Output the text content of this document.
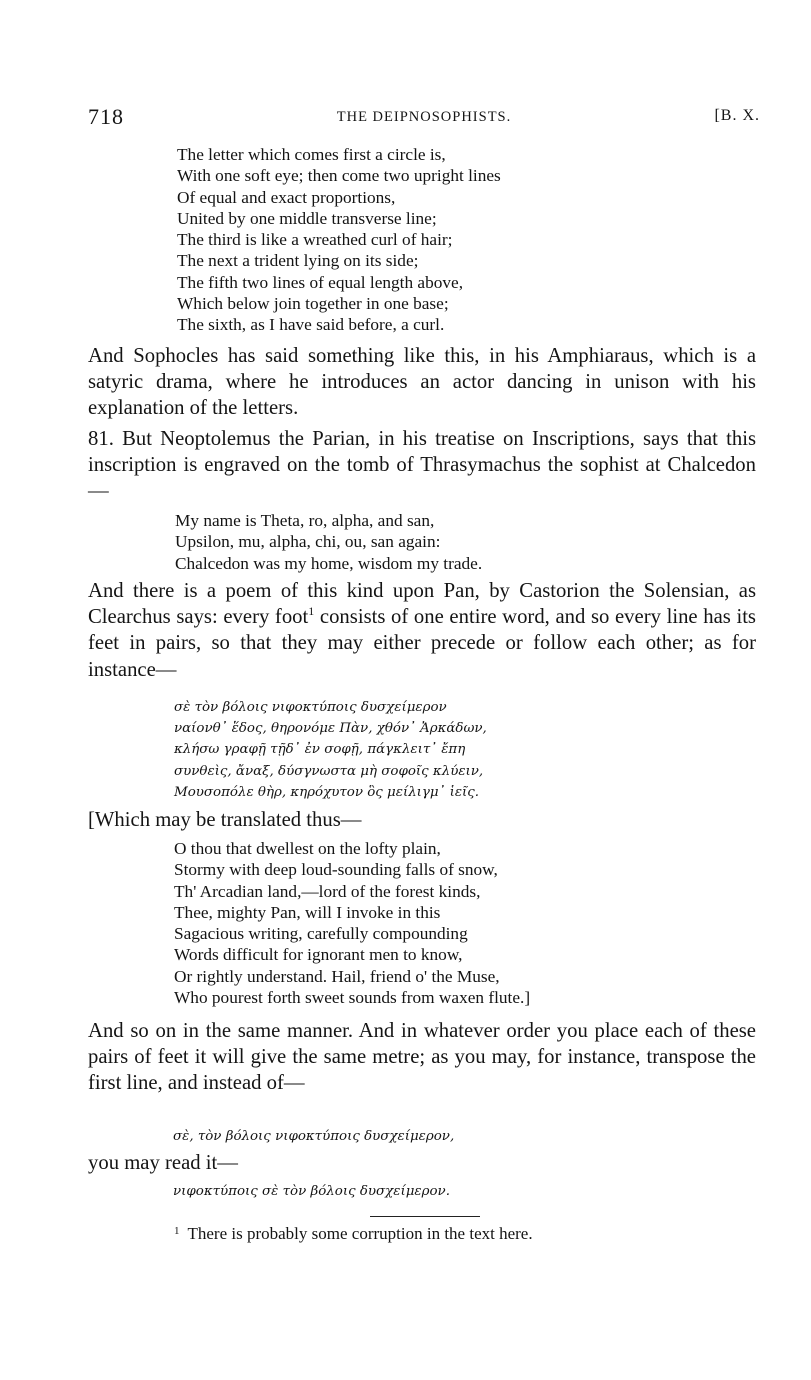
718	THE DEIPNOSOPHISTS.	[B. X.
The letter which comes first a circle is,
With one soft eye; then come two upright lines
Of equal and exact proportions,
United by one middle transverse line;
The third is like a wreathed curl of hair;
The next a trident lying on its side;
The fifth two lines of equal length above,
Which below join together in one base;
The sixth, as I have said before, a curl.

And Sophocles has said something like this, in his Amphiaraus, which is a satyric drama, where he introduces an actor dancing in unison with his explanation of the letters.

81. But Neoptolemus the Parian, in his treatise on Inscriptions, says that this inscription is engraved on the tomb of Thrasymachus the sophist at Chalcedon—

My name is Theta, ro, alpha, and san,
Upsilon, mu, alpha, chi, ou, san again:
Chalcedon was my home, wisdom my trade.

And there is a poem of this kind upon Pan, by Castorion the Solensian, as Clearchus says: every foot$^1$ consists of one entire word, and so every line has its feet in pairs, so that they may either precede or follow each other; as for instance—

σὲ τὸν βόλοις νιφοκτύποις δυσχείμερον
ναίονθ᾽ ἕδος, θηρονόμε Πὰν, χθόν᾽ Ἀρκάδων,
κλήσω γραφῇ τῇδ᾽ ἐν σοφῇ, πάγκλειτ᾽ ἔπη
συνθεὶς, ἄναξ, δύσγνωστα μὴ σοφοῖς κλύειν,
Μουσοπόλε θὴρ, κηρόχυτον ὃς μείλιγμ᾽ ἱεῖς.

[Which may be translated thus—

O thou that dwellest on the lofty plain,
Stormy with deep loud-sounding falls of snow,
Th' Arcadian land,—lord of the forest kinds,
Thee, mighty Pan, will I invoke in this
Sagacious writing, carefully compounding
Words difficult for ignorant men to know,
Or rightly understand. Hail, friend o' the Muse,
Who pourest forth sweet sounds from waxen flute.]

And so on in the same manner. And in whatever order you place each of these pairs of feet it will give the same metre; as you may, for instance, transpose the first line, and instead of—

σὲ, τὸν βόλοις νιφοκτύποις δυσχείμερον,

you may read it—

νιφοκτύποις σὲ τὸν βόλοις δυσχείμερον.
$^1$ There is probably some corruption in the text here.
